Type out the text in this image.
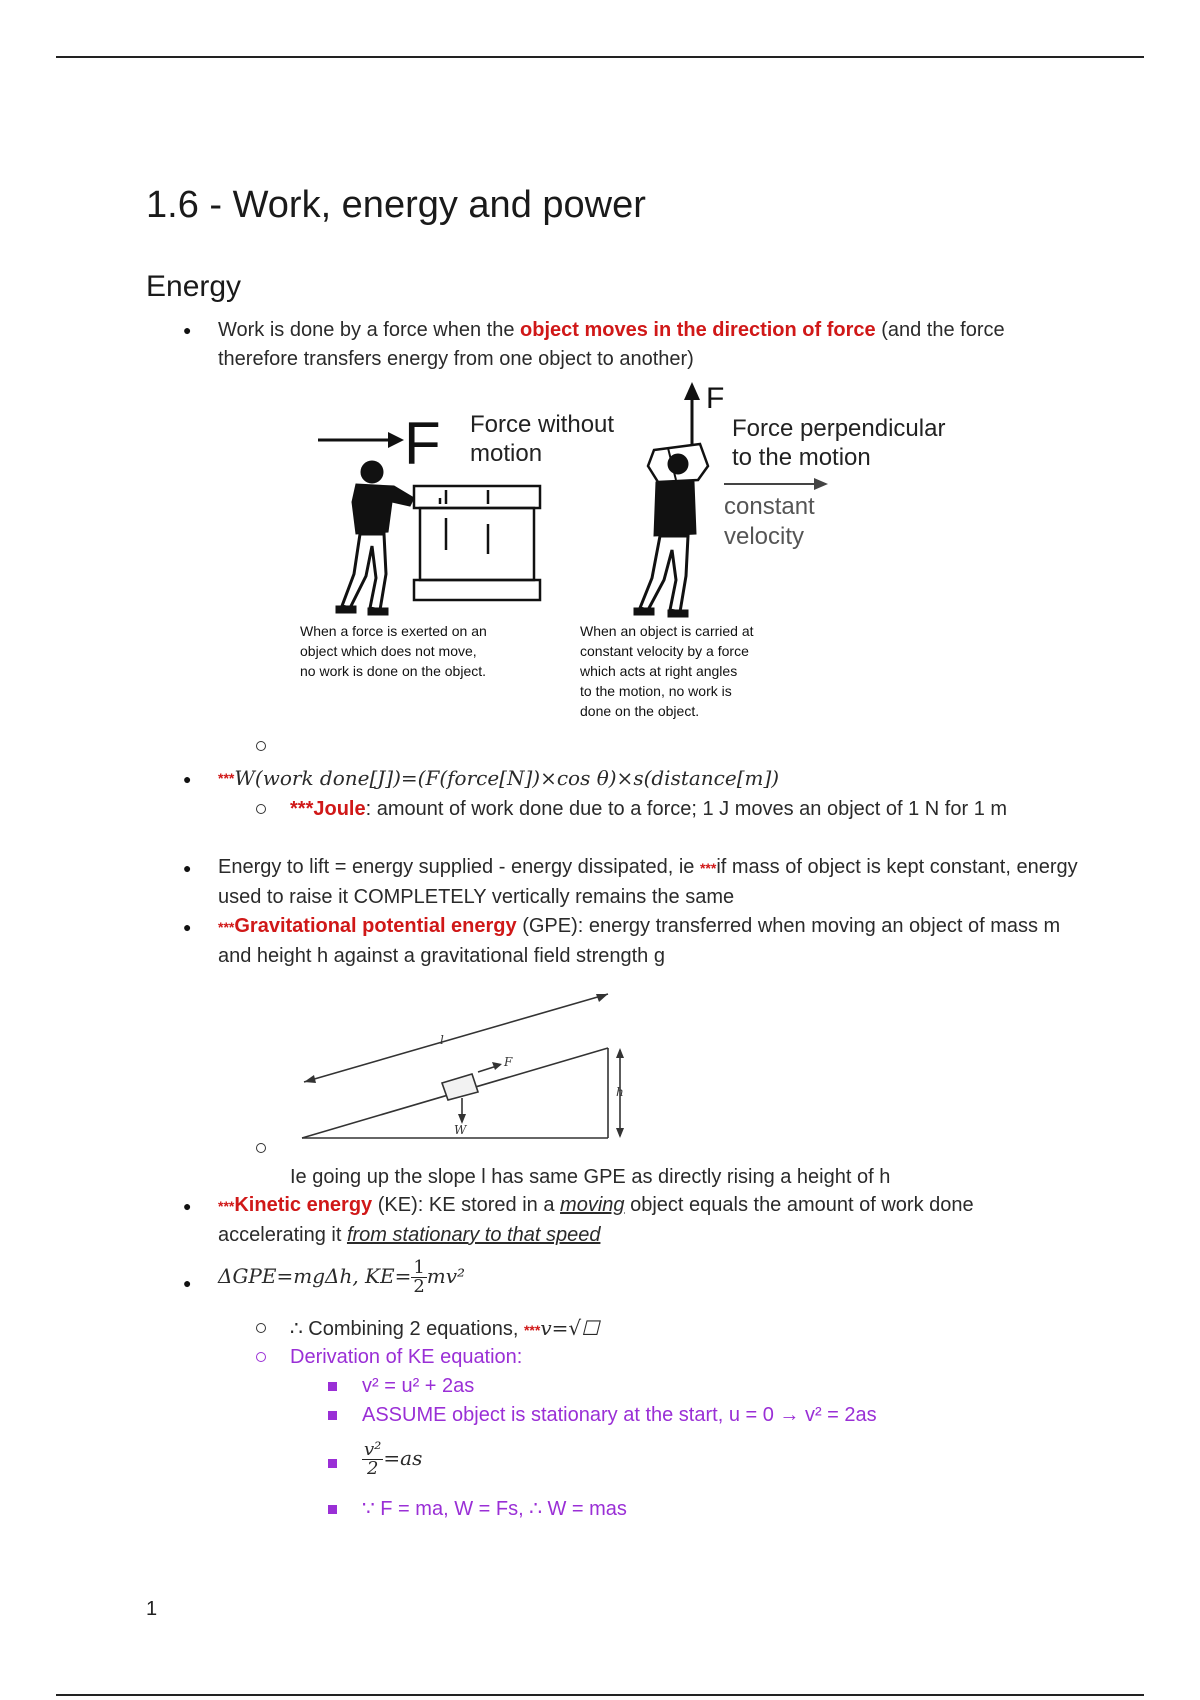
1.6 - Work, energy and power
Energy
● Work is done by a force when the object moves in the direction of force (and the force therefore transfers energy from one object to another)
F Force without
motion
When a force is exerted on an
object which does not move,
no work is done on the object.
F
Force perpendicular
to the motion
constant
velocity
When an object is carried at
constant velocity by a force
which acts at right angles
to the motion, no work is
done on the object.
● ***W(work done[J])=(F(force[N])×cos θ)×s(distance[m])
***Joule: amount of work done due to a force; 1 J moves an object of 1 N for 1 m
● Energy to lift = energy supplied - energy dissipated, ie ***if mass of object is kept constant, energy used to raise it COMPLETELY vertically remains the same
● ***Gravitational potential energy (GPE): energy transferred when moving an object of mass m and height h against a gravitational field strength g
l
F
h
W
Ie going up the slope l has same GPE as directly rising a height of h
● ***Kinetic energy (KE): KE stored in a moving object equals the amount of work done accelerating it from stationary to that speed
● ΔGPE=mgΔh, $KE= \frac{1}{2} mv^2$
∴ Combining 2 equations, ***v=√☐
Derivation of KE equation:
v² = u² + 2as
ASSUME object is stationary at the start, u = 0 → v² = 2as
$\frac{\text{v²}}{2} =as$
∵ F = ma, W = Fs, ∴ W = mas
1
